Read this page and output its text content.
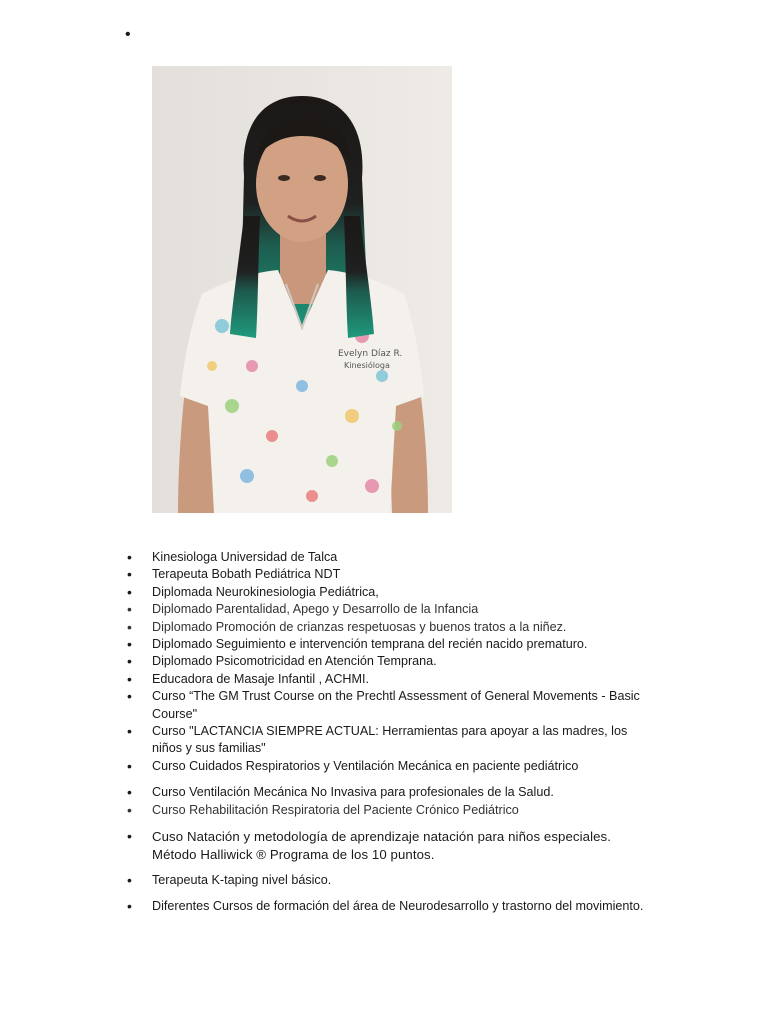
•
Evelyn Díaz R.
Kinesióloga
• Kinesiologa Universidad de Talca
• Terapeuta Bobath Pediátrica NDT
• Diplomada Neurokinesiologia Pediátrica,
• Diplomado Parentalidad, Apego y Desarrollo de la Infancia
• Diplomado Promoción de crianzas respetuosas y buenos tratos a la niñez.
• Diplomado Seguimiento e intervención temprana del recién nacido prematuro.
• Diplomado Psicomotricidad en Atención Temprana.
• Educadora de Masaje Infantil , ACHMI.
• Curso “The GM Trust Course on the Prechtl Assessment of General Movements - Basic Course"
• Curso "LACTANCIA SIEMPRE ACTUAL: Herramientas para apoyar a las madres, los niños y sus familias"
• Curso Cuidados Respiratorios y Ventilación Mecánica en paciente pediátrico
• Curso Ventilación Mecánica No Invasiva para profesionales de la Salud.
• Curso Rehabilitación Respiratoria del Paciente Crónico Pediátrico
• Cuso Natación y metodología de aprendizaje natación para niños especiales. Método Halliwick ® Programa de los 10 puntos.
• Terapeuta K-taping nivel básico.
• Diferentes Cursos de formación del área de Neurodesarrollo y trastorno del movimiento.
